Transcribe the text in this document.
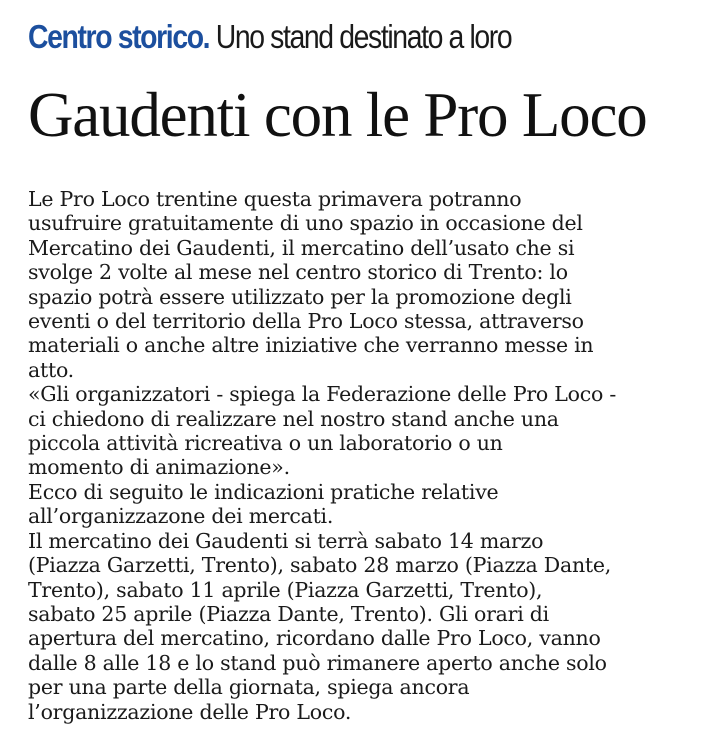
Centro storico. Uno stand destinato a loro

Gaudenti con le Pro Loco
Le Pro Loco trentine questa primavera potranno
usufruire gratuitamente di uno spazio in occasione del
Mercatino dei Gaudenti, il mercatino dell’usato che si
svolge 2 volte al mese nel centro storico di Trento: lo
spazio potrà essere utilizzato per la promozione degli
eventi o del territorio della Pro Loco stessa, attraverso
materiali o anche altre iniziative che verranno messe in
atto.
«Gli organizzatori - spiega la Federazione delle Pro Loco -
ci chiedono di realizzare nel nostro stand anche una
piccola attività ricreativa o un laboratorio o un
momento di animazione».
Ecco di seguito le indicazioni pratiche relative
all’organizzazone dei mercati.
Il mercatino dei Gaudenti si terrà sabato 14 marzo
(Piazza Garzetti, Trento), sabato 28 marzo (Piazza Dante,
Trento), sabato 11 aprile (Piazza Garzetti, Trento),
sabato 25 aprile (Piazza Dante, Trento). Gli orari di
apertura del mercatino, ricordano dalle Pro Loco, vanno
dalle 8 alle 18 e lo stand può rimanere aperto anche solo
per una parte della giornata, spiega ancora
l’organizzazione delle Pro Loco.
